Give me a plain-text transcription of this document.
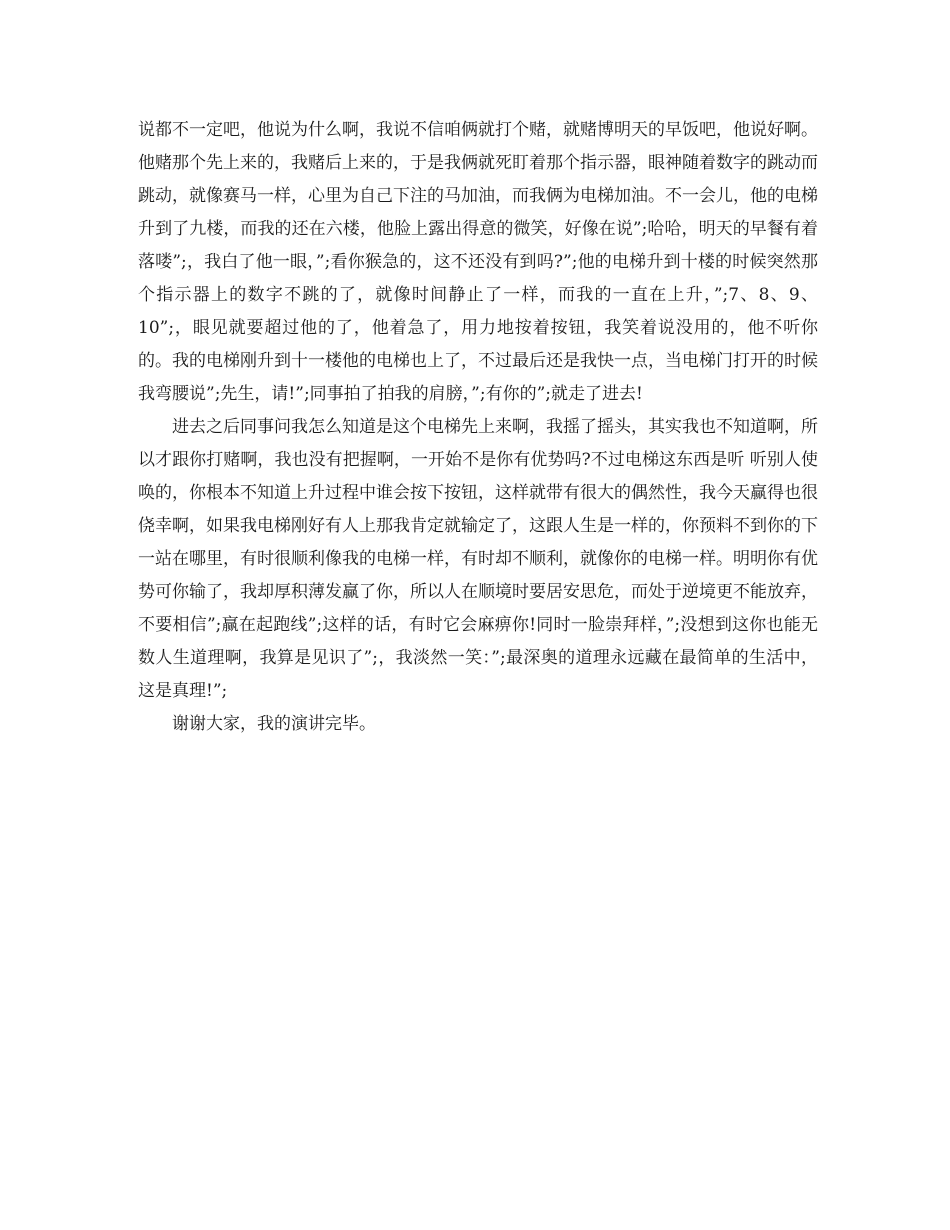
说都不一定吧，他说为什么啊，我说不信咱俩就打个赌，就赌博明天的早饭吧，他说好啊。他赌那个先上来的，我赌后上来的，于是我俩就死盯着那个指示器，眼神随着数字的跳动而跳动，就像赛马一样，心里为自己下注的马加油，而我俩为电梯加油。不一会儿，他的电梯升到了九楼，而我的还在六楼，他脸上露出得意的微笑，好像在说”;哈哈，明天的早餐有着落喽”;，我白了他一眼，”;看你猴急的，这不还没有到吗?”;他的电梯升到十楼的时候突然那个指示器上的数字不跳的了，就像时间静止了一样，而我的一直在上升，”;7、8、9、10”;，眼见就要超过他的了，他着急了，用力地按着按钮，我笑着说没用的，他不听你的。我的电梯刚升到十一楼他的电梯也上了，不过最后还是我快一点，当电梯门打开的时候我弯腰说”;先生，请!”;同事拍了拍我的肩膀，”;有你的”;就走了进去!

进去之后同事问我怎么知道是这个电梯先上来啊，我摇了摇头，其实我也不知道啊，所以才跟你打赌啊，我也没有把握啊，一开始不是你有优势吗?不过电梯这东西是听 听别人使唤的，你根本不知道上升过程中谁会按下按钮，这样就带有很大的偶然性，我今天赢得也很侥幸啊，如果我电梯刚好有人上那我肯定就输定了，这跟人生是一样的，你预料不到你的下一站在哪里，有时很顺利像我的电梯一样，有时却不顺利，就像你的电梯一样。明明你有优势可你输了，我却厚积薄发赢了你，所以人在顺境时要居安思危，而处于逆境更不能放弃，不要相信”;赢在起跑线”;这样的话，有时它会麻痹你!同时一脸崇拜样，”;没想到这你也能无数人生道理啊，我算是见识了”;，我淡然一笑：”;最深奥的道理永远藏在最简单的生活中，这是真理!”;

谢谢大家，我的演讲完毕。
